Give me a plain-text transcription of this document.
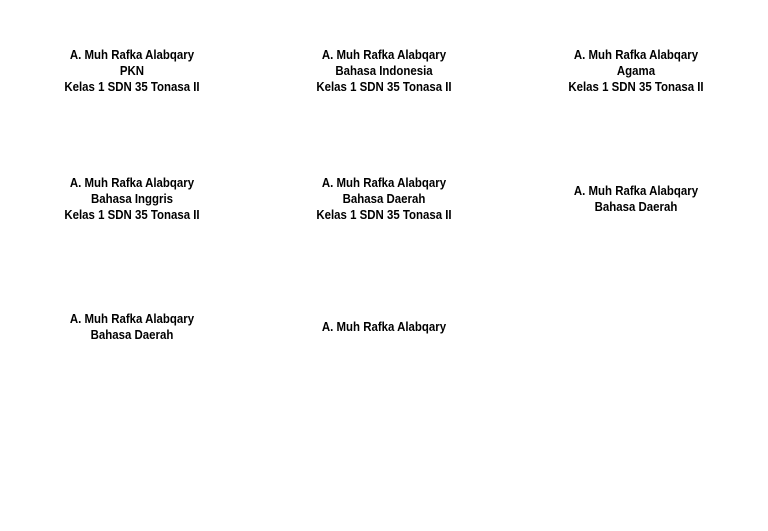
A. Muh Rafka Alabqary
PKN
Kelas 1 SDN 35 Tonasa II
A. Muh Rafka Alabqary
Bahasa Indonesia
Kelas 1 SDN 35 Tonasa II
A. Muh Rafka Alabqary
Agama
Kelas 1 SDN 35 Tonasa II
A. Muh Rafka Alabqary
Bahasa Inggris
Kelas 1 SDN 35 Tonasa II
A. Muh Rafka Alabqary
Bahasa Daerah
Kelas 1 SDN 35 Tonasa II
A. Muh Rafka Alabqary
Bahasa Daerah
A. Muh Rafka Alabqary
Bahasa Daerah
A. Muh Rafka Alabqary
